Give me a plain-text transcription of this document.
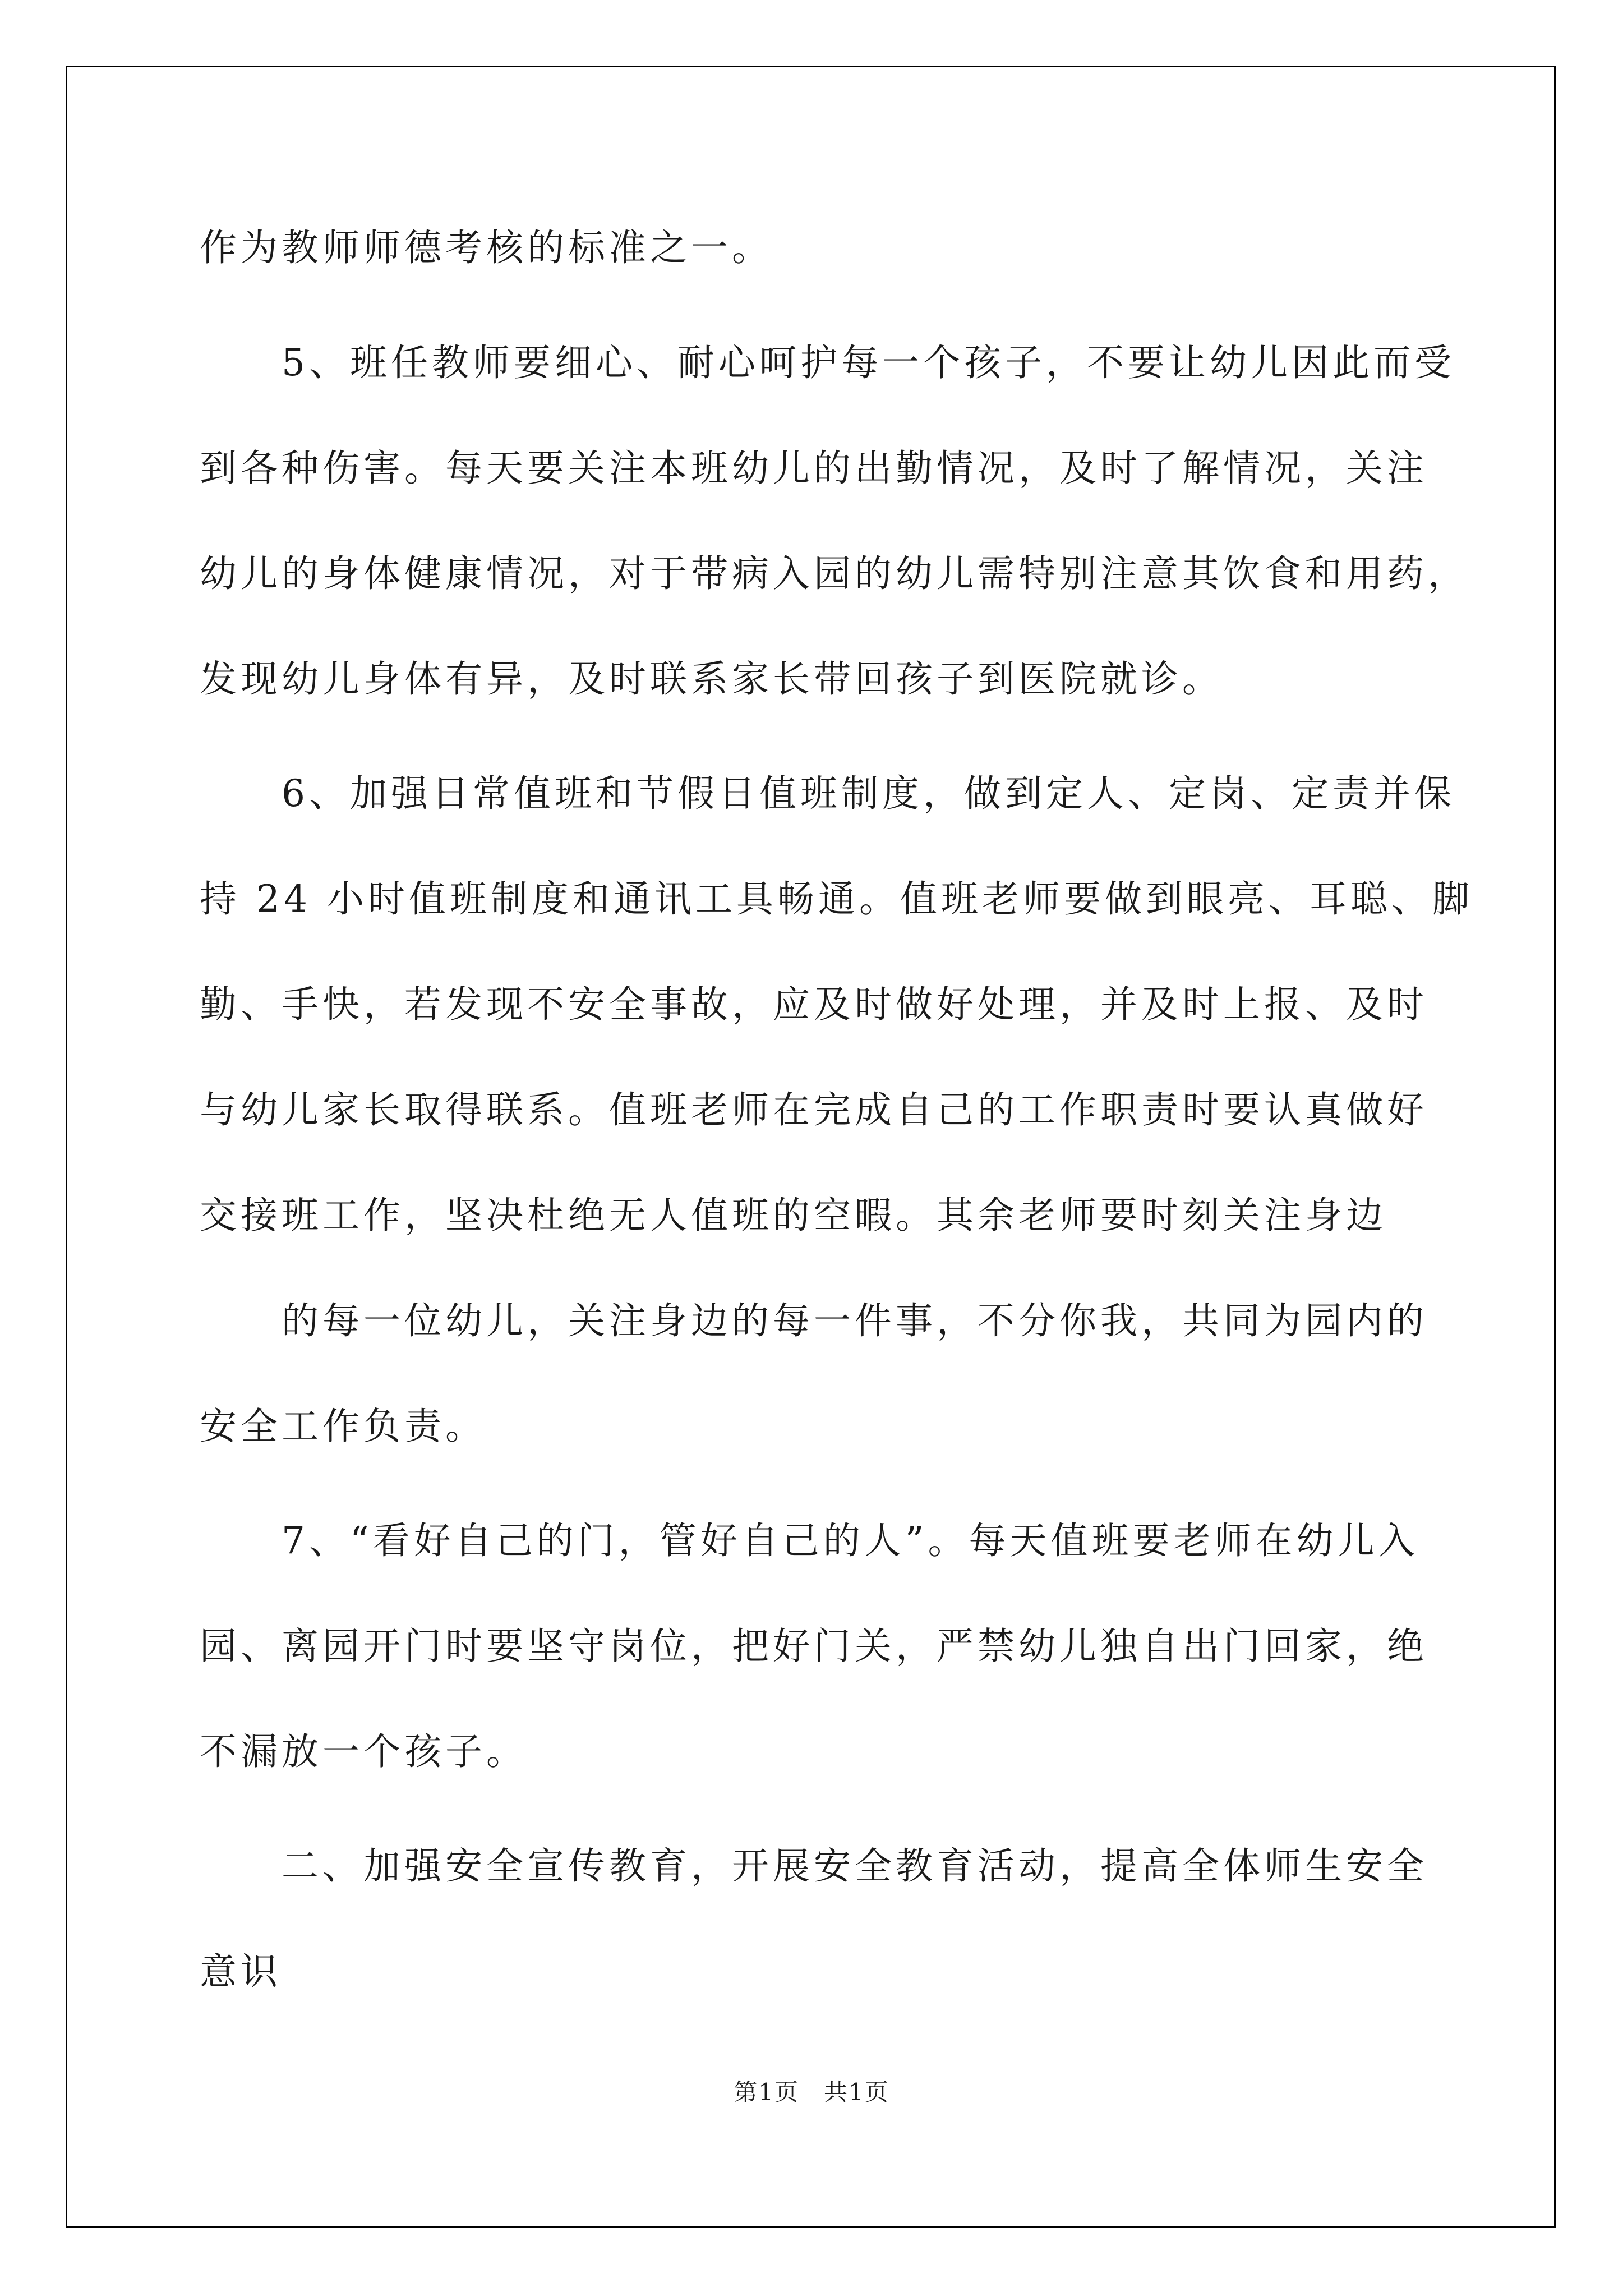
作为教师师德考核的标准之一。
5、班任教师要细心、耐心呵护每一个孩子，不要让幼儿因此而受
到各种伤害。每天要关注本班幼儿的出勤情况，及时了解情况，关注
幼儿的身体健康情况，对于带病入园的幼儿需特别注意其饮食和用药，
发现幼儿身体有异，及时联系家长带回孩子到医院就诊。
6、加强日常值班和节假日值班制度，做到定人、定岗、定责并保
持 24 小时值班制度和通讯工具畅通。值班老师要做到眼亮、耳聪、脚
勤、手快，若发现不安全事故，应及时做好处理，并及时上报、及时
与幼儿家长取得联系。值班老师在完成自己的工作职责时要认真做好
交接班工作，坚决杜绝无人值班的空暇。其余老师要时刻关注身边
的每一位幼儿，关注身边的每一件事，不分你我，共同为园内的
安全工作负责。
7、“看好自己的门，管好自己的人”。每天值班要老师在幼儿入
园、离园开门时要坚守岗位，把好门关，严禁幼儿独自出门回家，绝
不漏放一个孩子。
二、加强安全宣传教育，开展安全教育活动，提高全体师生安全
意识
第1页　共1页
